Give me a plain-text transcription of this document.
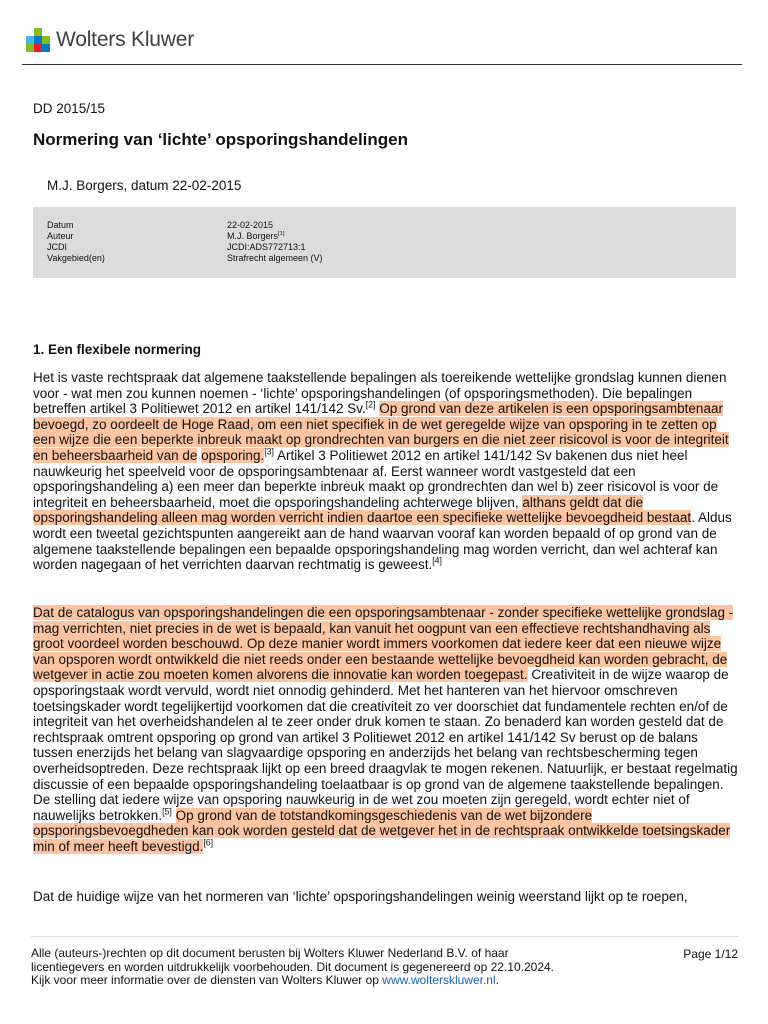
Wolters Kluwer
DD 2015/15
Normering van ‘lichte’ opsporingshandelingen
M.J. Borgers, datum 22-02-2015
Datum	22-02-2015
Auteur	M.J. Borgers[1]
JCDI	JCDI:ADS772713:1
Vakgebied(en)	Strafrecht algemeen (V)
1. Een flexibele normering

Het is vaste rechtspraak dat algemene taakstellende bepalingen als toereikende wettelijke grondslag kunnen dienen voor - wat men zou kunnen noemen - ‘lichte’ opsporingshandelingen (of opsporingsmethoden). Die bepalingen betreffen artikel 3 Politiewet 2012 en artikel 141/142 Sv.[2] Op grond van deze artikelen is een opsporingsambtenaar bevoegd, zo oordeelt de Hoge Raad, om een niet specifiek in de wet geregelde wijze van opsporing in te zetten op een wijze die een beperkte inbreuk maakt op grondrechten van burgers en die niet zeer risicovol is voor de integriteit en beheersbaarheid van de opsporing.[3] Artikel 3 Politiewet 2012 en artikel 141/142 Sv bakenen dus niet heel nauwkeurig het speelveld voor de opsporingsambtenaar af. Eerst wanneer wordt vastgesteld dat een opsporingshandeling a) een meer dan beperkte inbreuk maakt op grondrechten dan wel b) zeer risicovol is voor de integriteit en beheersbaarheid, moet die opsporingshandeling achterwege blijven, althans geldt dat die opsporingshandeling alleen mag worden verricht indien daartoe een specifieke wettelijke bevoegdheid bestaat. Aldus wordt een tweetal gezichtspunten aangereikt aan de hand waarvan vooraf kan worden bepaald of op grond van de algemene taakstellende bepalingen een bepaalde opsporingshandeling mag worden verricht, dan wel achteraf kan worden nagegaan of het verrichten daarvan rechtmatig is geweest.[4]

Dat de catalogus van opsporingshandelingen die een opsporingsambtenaar - zonder specifieke wettelijke grondslag - mag verrichten, niet precies in de wet is bepaald, kan vanuit het oogpunt van een effectieve rechtshandhaving als groot voordeel worden beschouwd. Op deze manier wordt immers voorkomen dat iedere keer dat een nieuwe wijze van opsporen wordt ontwikkeld die niet reeds onder een bestaande wettelijke bevoegdheid kan worden gebracht, de wetgever in actie zou moeten komen alvorens die innovatie kan worden toegepast. Creativiteit in de wijze waarop de opsporingstaak wordt vervuld, wordt niet onnodig gehinderd. Met het hanteren van het hiervoor omschreven toetsingskader wordt tegelijkertijd voorkomen dat die creativiteit zo ver doorschiet dat fundamentele rechten en/of de integriteit van het overheidshandelen al te zeer onder druk komen te staan. Zo benaderd kan worden gesteld dat de rechtspraak omtrent opsporing op grond van artikel 3 Politiewet 2012 en artikel 141/142 Sv berust op de balans tussen enerzijds het belang van slagvaardige opsporing en anderzijds het belang van rechtsbescherming tegen overheidsoptreden. Deze rechtspraak lijkt op een breed draagvlak te mogen rekenen. Natuurlijk, er bestaat regelmatig discussie of een bepaalde opsporingshandeling toelaatbaar is op grond van de algemene taakstellende bepalingen. De stelling dat iedere wijze van opsporing nauwkeurig in de wet zou moeten zijn geregeld, wordt echter niet of nauwelijks betrokken.[5] Op grond van de totstandkomingsgeschiedenis van de wet bijzondere opsporingsbevoegdheden kan ook worden gesteld dat de wetgever het in de rechtspraak ontwikkelde toetsingskader min of meer heeft bevestigd.[6]

Dat de huidige wijze van het normeren van ‘lichte’ opsporingshandelingen weinig weerstand lijkt op te roepen,

Alle (auteurs-)rechten op dit document berusten bij Wolters Kluwer Nederland B.V. of haar
licentiegevers en worden uitdrukkelijk voorbehouden. Dit document is gegenereerd op 22.10.2024.
Kijk voor meer informatie over de diensten van Wolters Kluwer op www.wolterskluwer.nl.
Page 1/12
